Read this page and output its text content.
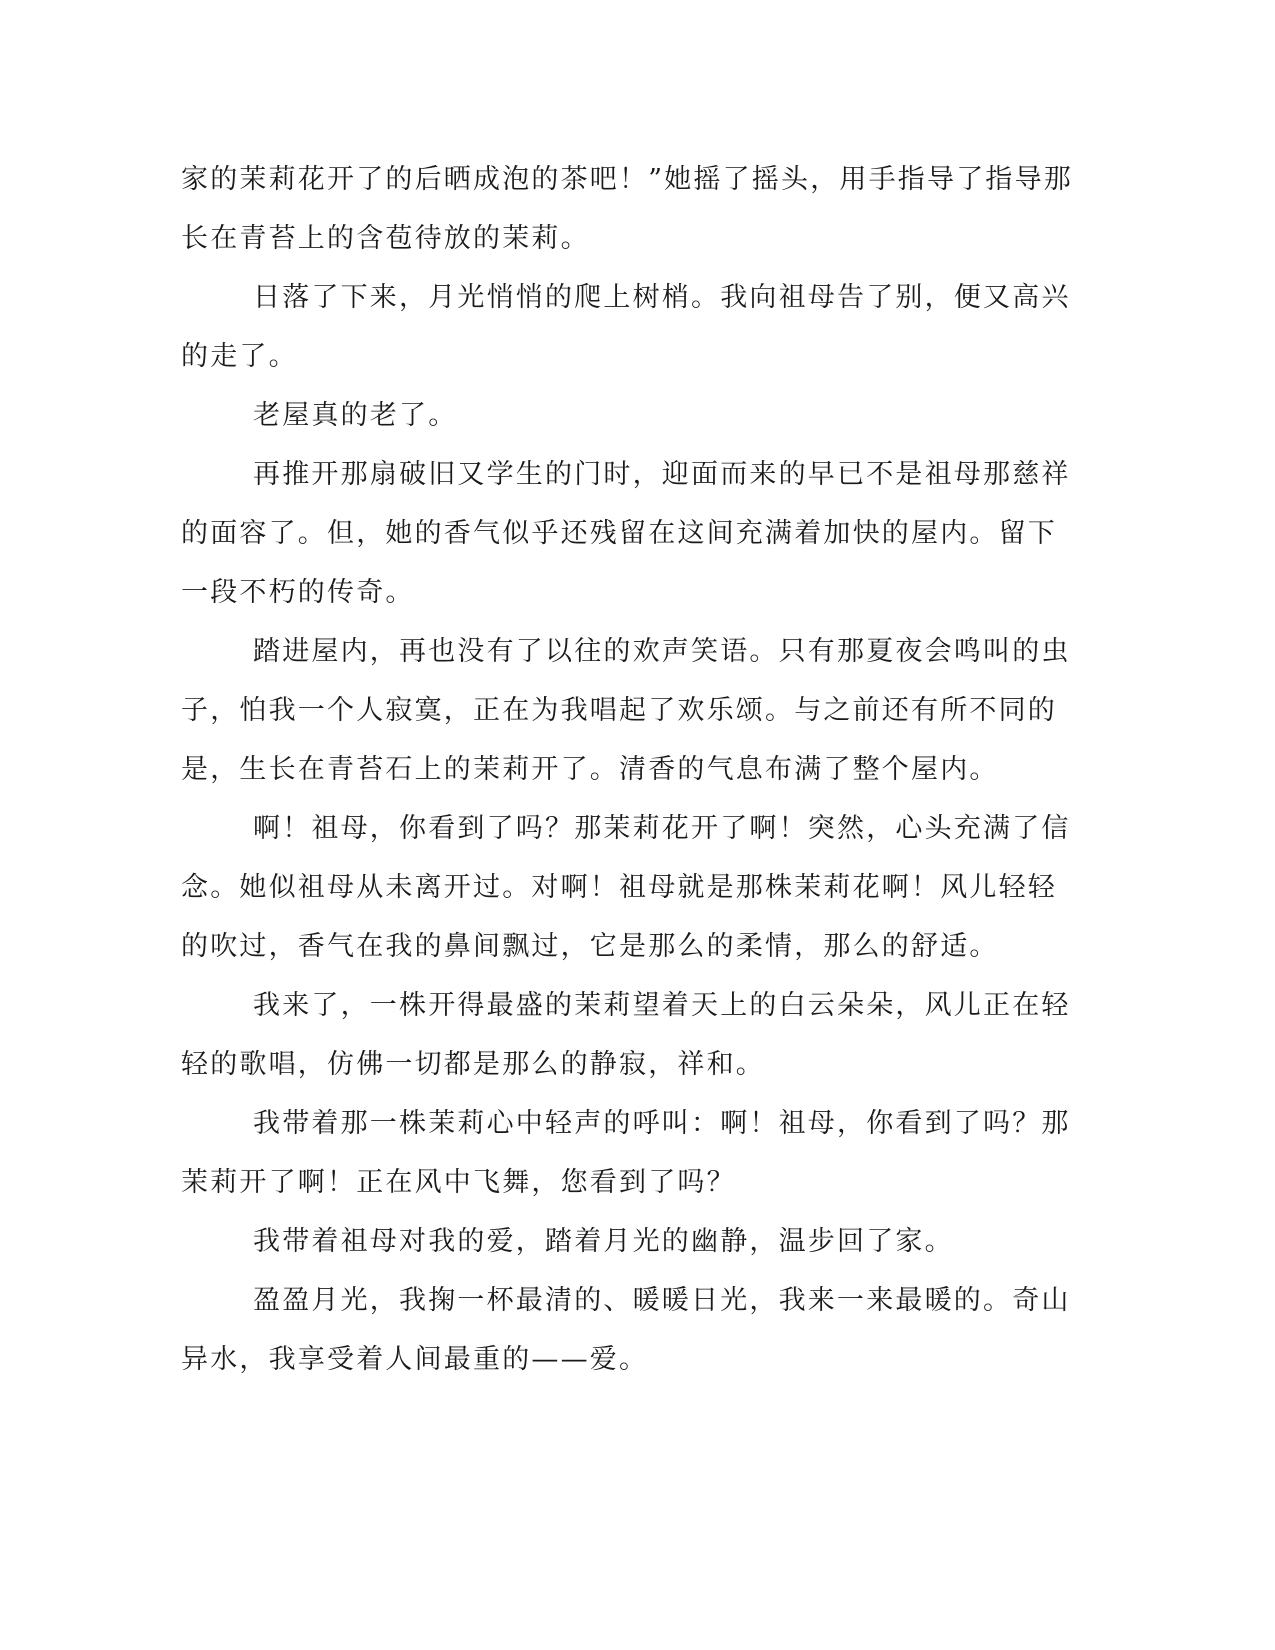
家的茉莉花开了的后晒成泡的茶吧！”她摇了摇头，用手指导了指导那
长在青苔上的含苞待放的茉莉。
日落了下来，月光悄悄的爬上树梢。我向祖母告了别，便又高兴
的走了。
老屋真的老了。
再推开那扇破旧又学生的门时，迎面而来的早已不是祖母那慈祥
的面容了。但，她的香气似乎还残留在这间充满着加快的屋内。留下
一段不朽的传奇。
踏进屋内，再也没有了以往的欢声笑语。只有那夏夜会鸣叫的虫
子，怕我一个人寂寞，正在为我唱起了欢乐颂。与之前还有所不同的
是，生长在青苔石上的茉莉开了。清香的气息布满了整个屋内。
啊！祖母，你看到了吗？那茉莉花开了啊！突然，心头充满了信
念。她似祖母从未离开过。对啊！祖母就是那株茉莉花啊！风儿轻轻
的吹过，香气在我的鼻间飘过，它是那么的柔情，那么的舒适。
我来了，一株开得最盛的茉莉望着天上的白云朵朵，风儿正在轻
轻的歌唱，仿佛一切都是那么的静寂，祥和。
我带着那一株茉莉心中轻声的呼叫：啊！祖母，你看到了吗？那
茉莉开了啊！正在风中飞舞，您看到了吗？
我带着祖母对我的爱，踏着月光的幽静，温步回了家。
盈盈月光，我掬一杯最清的、暖暖日光，我来一来最暖的。奇山
异水，我享受着人间最重的——爱。
